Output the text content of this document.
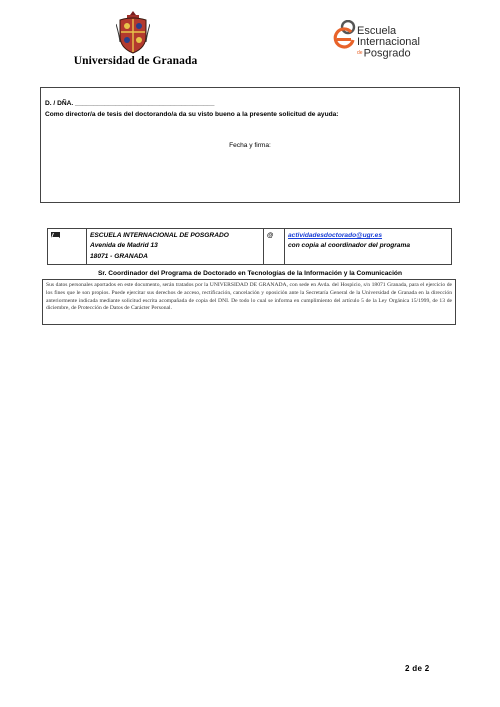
Universidad de Granada
Escuela
Internacional
dePosgrado
D. / DÑA. ______________________________________
Como director/a de tesis del doctorando/a da su visto bueno a la presente solicitud de ayuda:
Fecha y firma:

ESCUELA INTERNACIONAL DE POSGRADO
Avenida de Madrid 13
18071 - GRANADA
	@	actividadesdoctorado@ugr.es
con copia al coordinador del programa
Sr. Coordinador del Programa de Doctorado en Tecnologías de la Información y la Comunicación
Sus datos personales aportados en este documento, serán tratados por la UNIVERSIDAD DE GRANADA, con sede en Avda. del Hospicio, s/n 18071 Granada, para el ejercicio de los fines que le son propios. Puede ejercitar sus derechos de acceso, rectificación, cancelación y oposición ante la Secretaría General de la Universidad de Granada en la dirección anteriormente indicada mediante solicitud escrita acompañada de copia del DNI. De todo lo cual se informa en cumplimiento del artículo 5 de la Ley Orgánica 15/1999, de 13 de diciembre, de Protección de Datos de Carácter Personal.
2 de 2
